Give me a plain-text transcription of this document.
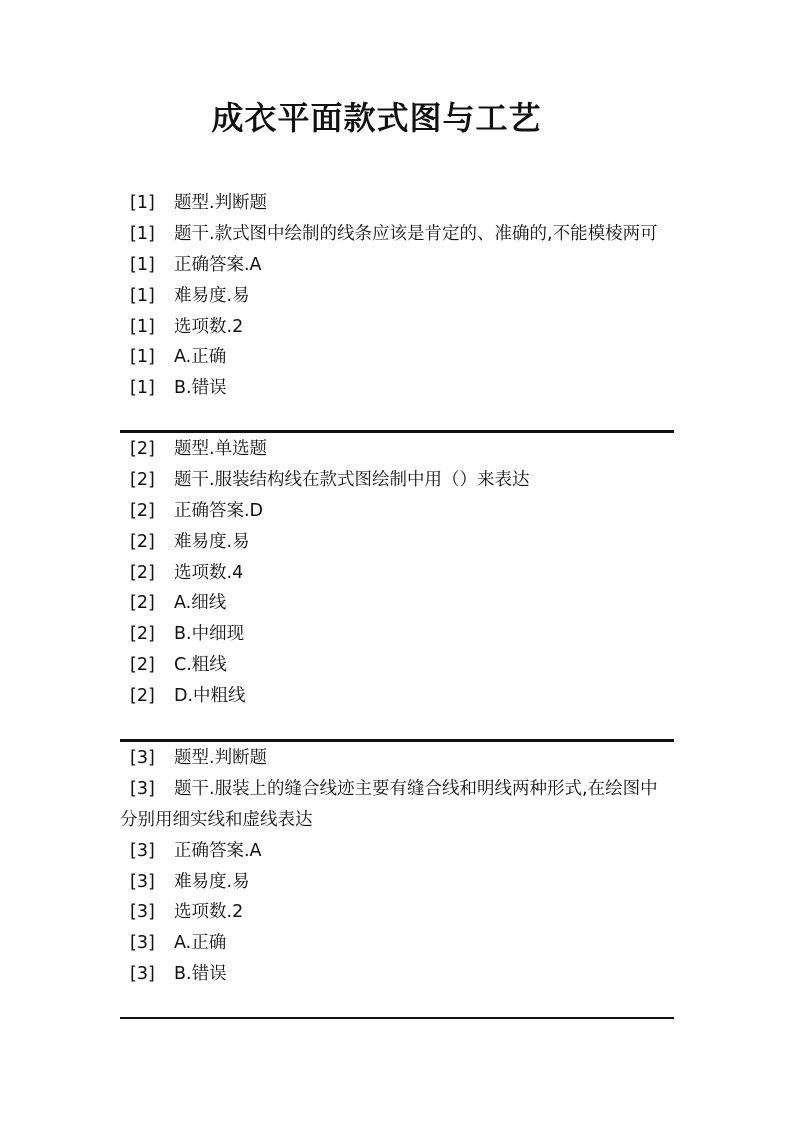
成衣平面款式图与工艺
[1] 题型.判断题
[1] 题干.款式图中绘制的线条应该是肯定的、准确的,不能模棱两可
[1] 正确答案.A
[1] 难易度.易
[1] 选项数.2
[1] A.正确
[1] B.错误
[2] 题型.单选题
[2] 题干.服装结构线在款式图绘制中用（）来表达
[2] 正确答案.D
[2] 难易度.易
[2] 选项数.4
[2] A.细线
[2] B.中细现
[2] C.粗线
[2] D.中粗线
[3] 题型.判断题
[3] 题干.服装上的缝合线迹主要有缝合线和明线两种形式,在绘图中
分别用细实线和虚线表达
[3] 正确答案.A
[3] 难易度.易
[3] 选项数.2
[3] A.正确
[3] B.错误
